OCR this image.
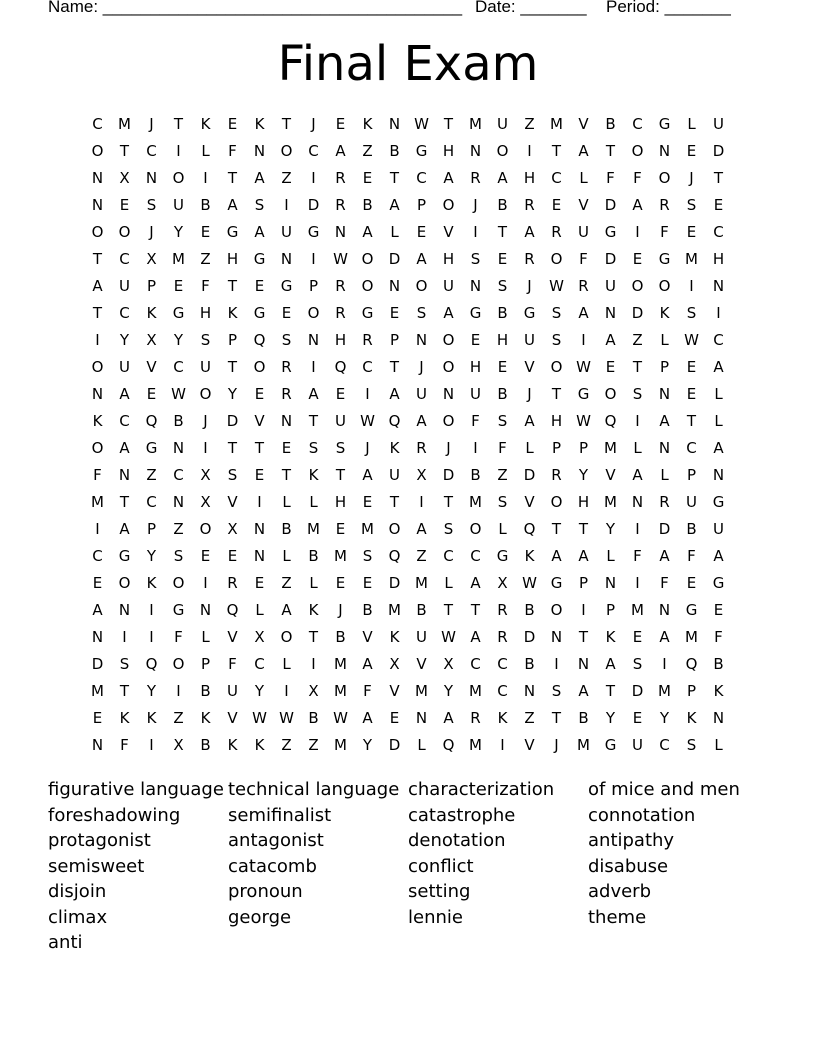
Name: ______________________________________

Date: _______

Period: _______

Final Exam
C	M	J	T	K	E	K	T	J	E	K	N W T	M	U	Z	M	V	B	C	G	L	U
O	T	C	I	L	F	N	O	C	A	Z	B	G	H	N	O	I	T	A	T	O	N	E	D
N	X	N	O	I	T	A	Z	I	R	E	T	C	A	R	A	H	C	L	F	F	O	J	T
N	E	S	U	B	A	S	I	D	R	B	A	P	O	J	B	R	E	V	D	A	R	S	E
O	O	J	Y	E	G	A	U	G	N	A	L	E	V	I	T	A	R	U	G	I	F	E	C
T	C	X	M	Z	H	G	N	I	W O	D	A	H	S	E	R	O	F	D	E	G M H
A	U	P	E	F	T	E	G	P	R	O	N	O	U	N	S	J	W R	U	O	O	I	N
T	C	K	G	H	K	G	E	O	R	G	E	S	A	G	B	G	S	A	N	D	K	S	I
I	Y	X	Y	S	P	Q	S	N	H	R	P	N	O	E	H	U	S	I	A	Z	L	W C
O	U	V	C	U	T	O	R	I	Q	C	T	J	O	H	E	V	O W E	T	P	E	A
N	A	E W O	Y	E	R	A	E	I	A	U	N	U	B	J	T	G	O	S	N	E	L
K	C	Q	B	J	D	V	N	T	U W Q	A	O	F	S	A	H W Q	I	A	T	L
O	A	G	N	I	T	T	E	S	S	J	K	R	J	I	F	L	P	P	M	L	N	C	A
F	N	Z	C	X	S	E	T	K	T	A	U	X	D	B	Z	D	R	Y	V	A	L	P	N
M	T	C	N	X	V	I	L	L	H	E	T	I	T	M	S	V	O	H M N	R	U	G
I	A	P	Z	O	X	N	B	M	E	M O	A	S	O	L	Q	T	T	Y	I	D	B	U
C	G	Y	S	E	E	N	L	B	M	S	Q	Z	C	C	G	K	A	A	L	F	A	F	A
E	O	K	O	I	R	E	Z	L	E	E	D M	L	A	X W G	P	N	I	F	E	G
A	N	I	G	N	Q	L	A	K	J	B	M	B	T	T	R	B	O	I	P	M N	G	E
N	I	I	F	L	V	X	O	T	B	V	K	U W A	R	D	N	T	K	E	A	M	F
D	S	Q	O	P	F	C	L	I	M	A	X	V	X	C	C	B	I	N	A	S	I	Q	B
M	T	Y	I	B	U	Y	I	X	M	F	V	M	Y	M	C	N	S	A	T	D M	P	K
E	K	K	Z	K	V W W B W A	E	N	A	R	K	Z	T	B	Y	E	Y	K	N
N	F	I	X	B	K	K	Z	Z	M	Y	D	L	Q M	I	V	J	M G	U	C	S	L
figurative language
foreshadowing
protagonist
semisweet
disjoin
climax
anti
technical language
semifinalist
antagonist
catacomb
pronoun
george
characterization
catastrophe
denotation
conflict
setting
lennie
of mice and men
connotation
antipathy
disabuse
adverb
theme
